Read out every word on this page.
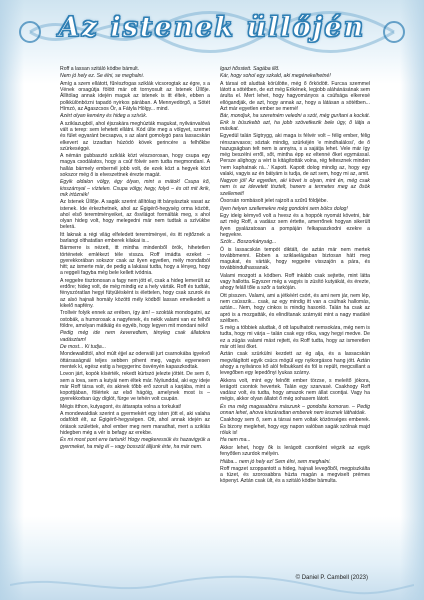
Az istenek üllőjén

Roff a lassan szitáló ködbe bámult.

Nem jó hely ez. Se élni, se meghalni.

Amíg a szem ellátott, fűrészfogas sziklák vicsorogtak az égre, s a Vének orsagútja fölött már ott tornyosult az Istenek Üllője. Állítólag annak idején maguk az istenek is itt éltek, ebben a polkkülönbözni tapadó nyirkos párában. A Mennyedörgő, a Sötét Hímzó, az Agaszcsos Ör, a Fátyla Hölgy... mind.

Azért olyan kemény és hideg a szívük.

A sziklazugból, ahol éjszakára meghúzták magukat, nyilvánvalóvá vált a terep: sem lehetett ellátni. Kód ülte meg a völgyet, szemet és fület egyaránt becsapva, s az alant gomolygó para lassacskán elkevert az izzadtan húzódó kövek gerincére a felhőkbe szürkeséggé.

A némán gubbasztó sziklák közt vészsorosan, hogy csupa egy magya csodálatos, hogy a csúf fölvér sem tudta megmondani. A hallás bármely embernél jobb volt, de ezek közt a hegyek közt sokszor még ő is elveszettnek érezte magát.

Egyik oldalon völgy, égy ólyan, mint a mátok! Csupa kő, kisszárnyal – víztelen. Csupa völgy, hegy, folyó – és ott mit ikrik, mik irtóznék!

Az Istenek Üllője. A sagák szerint állítólag itt bányásztak vasat az istenek. Ide érkezhetnek, ahol az Égigérő-hegység orma között, ahol első teremtményeiket, az ősvilágot formálták meg, s ahol olyan hideg volt, hogy melegedni már nem tudtak a szívükbe belerá.

Itt laknak a régi világ elfeledett teremtményei, és itt rejtőznek a barlangi olthatatlan emberek kilakai is...

Bármerre is nézett, itt mintha mindenből örök, hihetetlen történetek emlékezt téle vissza. Roff imádta ezeket – gyerekkorában sokszor csak az ilyen egyetlen, mély mondatból hitt; az ismerte már, de pedig a lakásai tudta, hogy a lényeg, hogy a reggeli fagyba még bele kellett ivódnia.

A reggelre tisztonosan a fagy nem jött el, csak a hideg lemerült az erdőre; hideg volt, de még mindig ez a hely várták. Roff és tudták, fényszóratlan hegyi fütyülésként is élettelen, hogy csak szurok és az alsó hajnali homály közötti mély ködből lassan emelkedett a kikelő napfény.

Trollvér folyik ennek az erében, így ám! – szokták mondogatni, az ostobák, a humorosak a nagyfenek, és nekik valami van ez felhői földre, amolyan mátkáig és egyéb, hogy legyen mit mondani néki!

Pedig még ide nem keveredtem, tényleg csak állatokra vadásztam!

De most... Ki tudja...

Mondewalldtól, ahol múlt éjjel az odenváli jurt csarnokába igyekvő öttársaságnál teljes sebben pihent meg, vagyis egyenesen mentek ki, egész estig a hegygerinc ösvényén kapaszkodtak.

Lovon járt, kopók kísérték, rekedt kürtszó jelezte jöttét. De sem ő, sem a lova, sem a kutyái nem éltek már. Nyiiunddal, aki egy ideje már Roff társa volt, és akinek tőbb erő szorult a karjába, mint a kopottjában, fölértek az első hágóig, amelynek most is – gyerekkorban ügy díglót, fürge ve tehén volt csupán.

Mégis itthon, kutyagont, és áttarapta volna a torkukat!

A mondewaldiak szerint a gyermekért egy isten jött el, aki valaha odaföldt élt, az Égigérő-hegységen. Ott, ahol annak idején az óriások születtek, ahol ember meg nem maradhat, mert a sziklás hidegben még a vér is befagy az erekbe.

És mi most pont erre tartunk! Hogy megkeressük és hazavigyük a gyermeket, ha még él – vagy bosszút álljunk érte, ha már nem.

Igazi hősstett. Sagába illő.

Kár, hogy sohol egy szkald, aki megénekelhetné!

A társai ott aludtak körülötte, még ő őrködött. Furcsa szemmel látott a sötétben, de ezt még Erikének, legjobb aláhánásának sem árulta el. Mert lehet, hogy hagyományos a csúfsága elkeresé ellógandják, de azt, hogy annak az, hogy a látásan a sötétben... Azt már egyetlen ember se merné!

Bár, mondjuk, ha szeretném veledni a szót, még gurítani a kockát. Erik is büszkebb azt, ha jobb szövetkezik bele úgy, ő látja a másikat.

Egyedül talán Sigtrygg, aki maga is félvér volt – félig ember, félig rénszarvasos; sóztak mindig, szürkéjén 'e mindhalálosi', de ő hazugságban telt nem is annyira, s a sajátja lehet. Vele már így még beszélni erről, sőt, mintha épp ez eltenné őket egymással. Persze alighogy a vért is kitágították volna, rég feltesznek minden 'nem kaphatnak rá...' Kapott. Kapott dolog mindig az, hogy egy valaki, vagyis az én bátyám is tudja, de azt sem, hogy mi az, amit.

Nagyon jól! Az egyetlen, aki követ is olyan, mint én, még csak nem is az idevetett tisztelt, hanem a termetes meg az ősök szellemeit!

Ősorsán rombásolt jelet rajzolt a szűrű földjébe.

Ilyen helyen szellemekre még gondolni sem bölcs dolog!

Egy ideig kémyvő volt a hvesz és a hoppók nyomát követni, bár azt még Roff, a vadász sem értette, amerrőnek hogyan sikerült ilyen gyalázatosan a pompáján felkapaszkodni ezekre a hegyekre.

Szólr... Boszorkányság...

Ő is lassacskán tempót diktált, de aztán már nem mertek továbbmenni. Ebben a sziklaelágaban biztosan hátt meg magukat, és várták, hogy reggelre visszajön a pára, és továbbindulhassanak.

Valami mozgott a ködben. Roff inkább csak sejtette, mint látta vagy hallotta. Egyszer még a vagyis is zúsító kutyákát, és érezte, ahogy feláll tőle a szőr a tarkóján.

Ott pisszen. Valami, ami a jétkéért csórt, és ami nem jár, nem lép, nem csússzik... csak, az egy mindig itt van a csúfnak hallomás, aztán... Nem, hogy cinkos is mindig hasonló. Talán ha csak az apró is a mozgatták, és elindítanak szárnyát mint a nagy madáré szélben.

S még a többiek aludtak, ő ott lapulhatott nemsokára, még nem is tudta, hogy mi várja – talán csak egy róka, vagy hegyi medve. De ez a zúgás valami mást rejtett, és Roff tudta, hogy az ismeretlen már ott lesi őket.

Aztán csak szürkülni kezdett az ég alja, és a lassacskán megvilágított egyik csúcs mögül egy nyikorgásos hang jött. Aztán ahogy a nyilvános kő alól felbukkant és föl is repült, megcsillant a levegőben egy lepedőnyi lyukas szárny.

Akkora volt, mint egy felnőtt ember törzse, s meleítő jókora, lerágott csontok hevertek. Talán egy szarvasé. Csakhogy Roff vadász volt, és tudta, hogy amazok nem állat csontjai. Vagy ha mégis, akkor olyan állatot ő még sohasem látott.

És ma még magasabbra mászunk – gondolta komoran. – Pedig onnan lehet, ahova kiszáradtan emberek nem lesznek láthatóak.

Csakhogy sem ő, sem a társai nem voltak közönséges emberek. És bizony meglehet, hogy egy napon valóban sagák szólnak majd róluk is!

Ha nem ma...

Akkor lehet, hogy ők is lerágott csontként végzik az egyik fenyőtlen szurdok mélyén.

Hiába... nem jó hely ez! Sem élni, sem meghalni.

Roff magzet szoppantott a hideg, hajnali levegőből, megpiszkálta a tüzet, és szorosabbra húzta magán a megviselt prémes köpenyt. Aztán csak ült, és a szitáló ködbe bámulta.

© Daniel P. Cambell (2023)
